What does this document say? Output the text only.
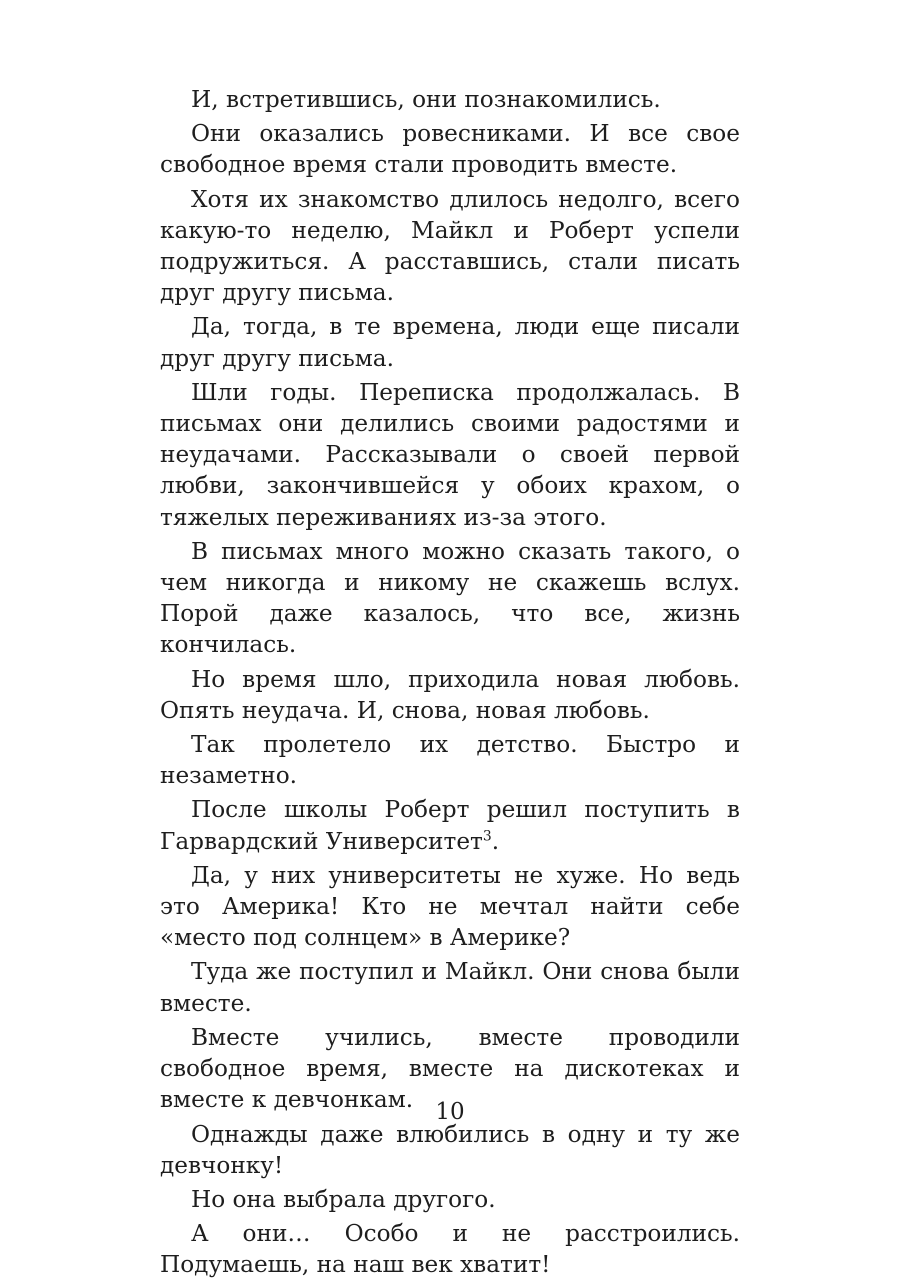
И, встретившись, они познакомились.

Они оказались ровесниками. И все свое свободное время стали проводить вместе.

Хотя их знакомство длилось недолго, всего какую-то неделю, Майкл и Роберт успели подружиться. А расставшись, стали писать друг другу письма.

Да, тогда, в те времена, люди еще писали друг другу письма.

Шли годы. Переписка продолжалась. В письмах они делились своими радостями и неудачами. Рассказывали о своей первой любви, закончившейся у обоих крахом, о тяжелых переживаниях из-за этого.

В письмах много можно сказать такого, о чем никогда и никому не скажешь вслух. Порой даже казалось, что все, жизнь кончилась.

Но время шло, приходила новая любовь. Опять неудача. И, снова, новая любовь.

Так пролетело их детство. Быстро и незаметно.

После школы Роберт решил поступить в Гарвардский Университет$^3$.

Да, у них университеты не хуже. Но ведь это Америка! Кто не мечтал найти себе «место под солнцем» в Америке?

Туда же поступил и Майкл. Они снова были вместе.

Вместе учились, вместе проводили свободное время, вместе на дискотеках и вместе к девчонкам.

Однажды даже влюбились в одну и ту же девчонку!

Но она выбрала другого.

А они… Особо и не расстроились. Подумаешь, на наш век хватит!

10
